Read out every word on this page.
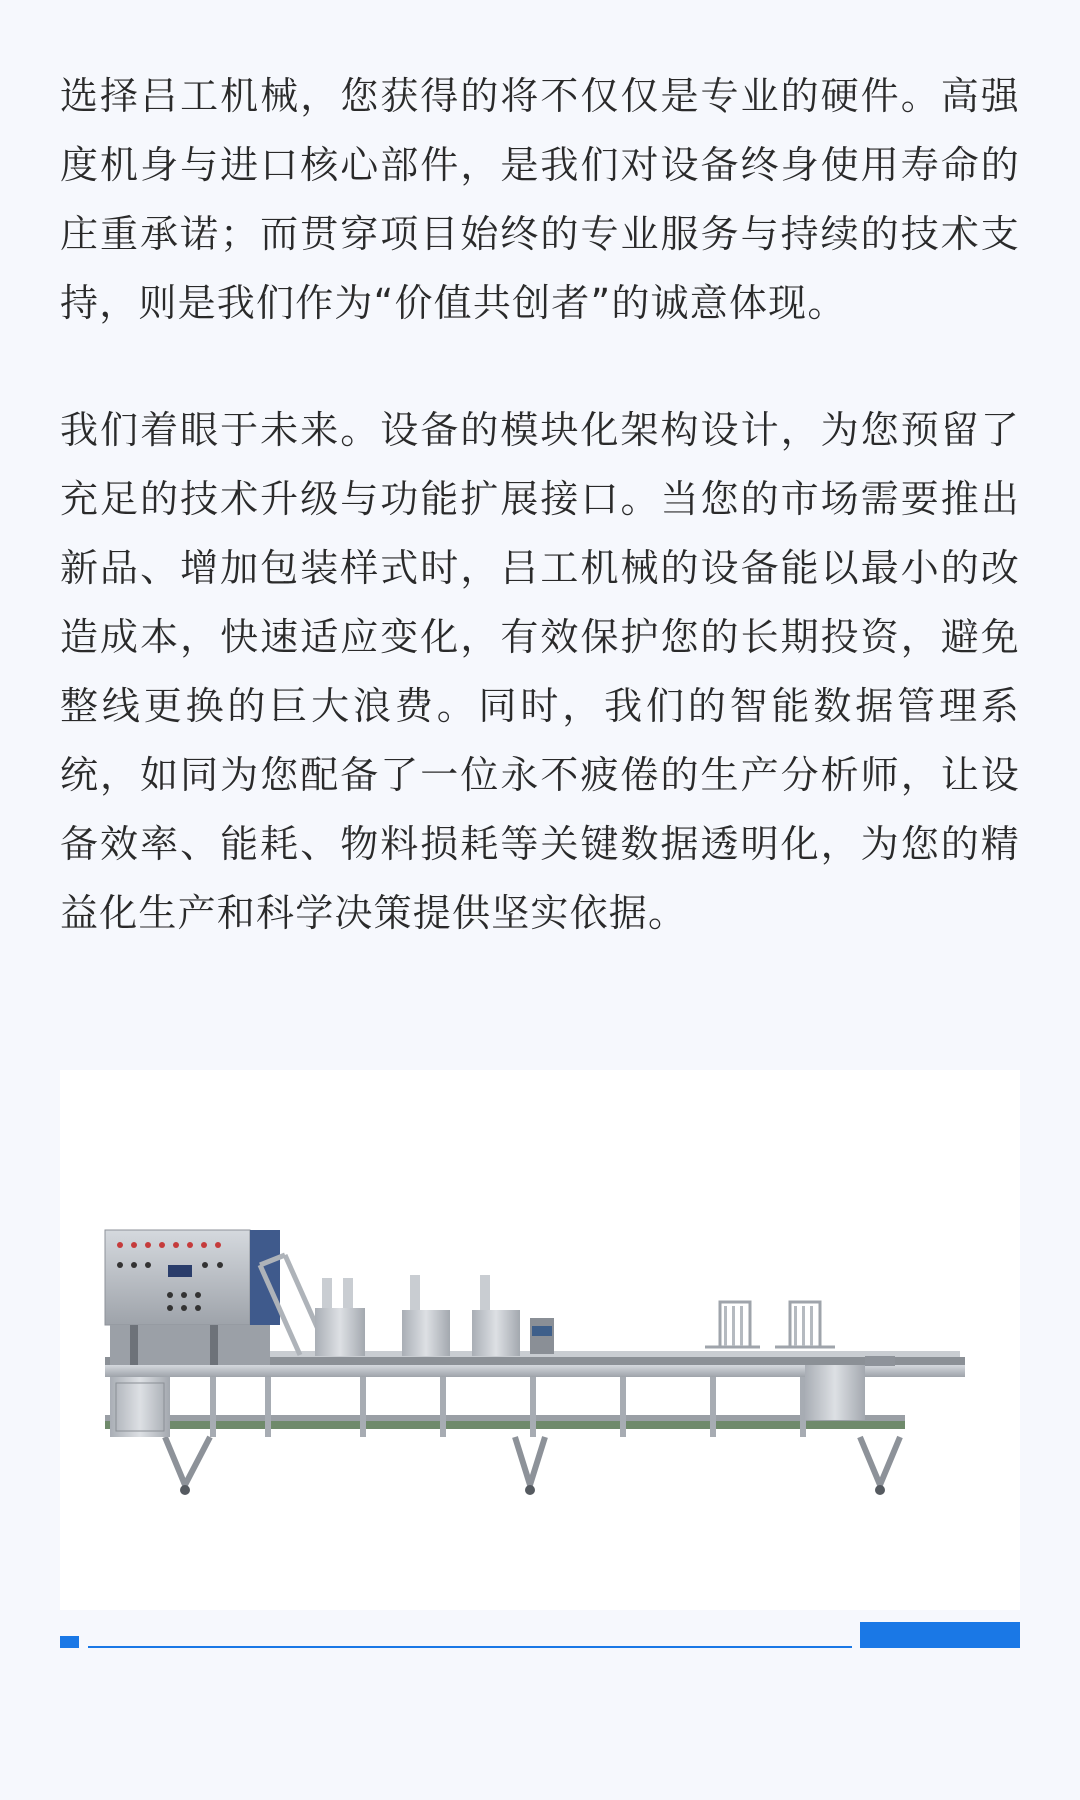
选择吕工机械，您获得的将不仅仅是专业的硬件。高强度机身与进口核心部件，是我们对设备终身使用寿命的庄重承诺；而贯穿项目始终的专业服务与持续的技术支持，则是我们作为“价值共创者”的诚意体现。

我们着眼于未来。设备的模块化架构设计，为您预留了充足的技术升级与功能扩展接口。当您的市场需要推出新品、增加包装样式时，吕工机械的设备能以最小的改造成本，快速适应变化，有效保护您的长期投资，避免整线更换的巨大浪费。同时，我们的智能数据管理系统，如同为您配备了一位永不疲倦的生产分析师，让设备效率、能耗、物料损耗等关键数据透明化，为您的精益化生产和科学决策提供坚实依据。
